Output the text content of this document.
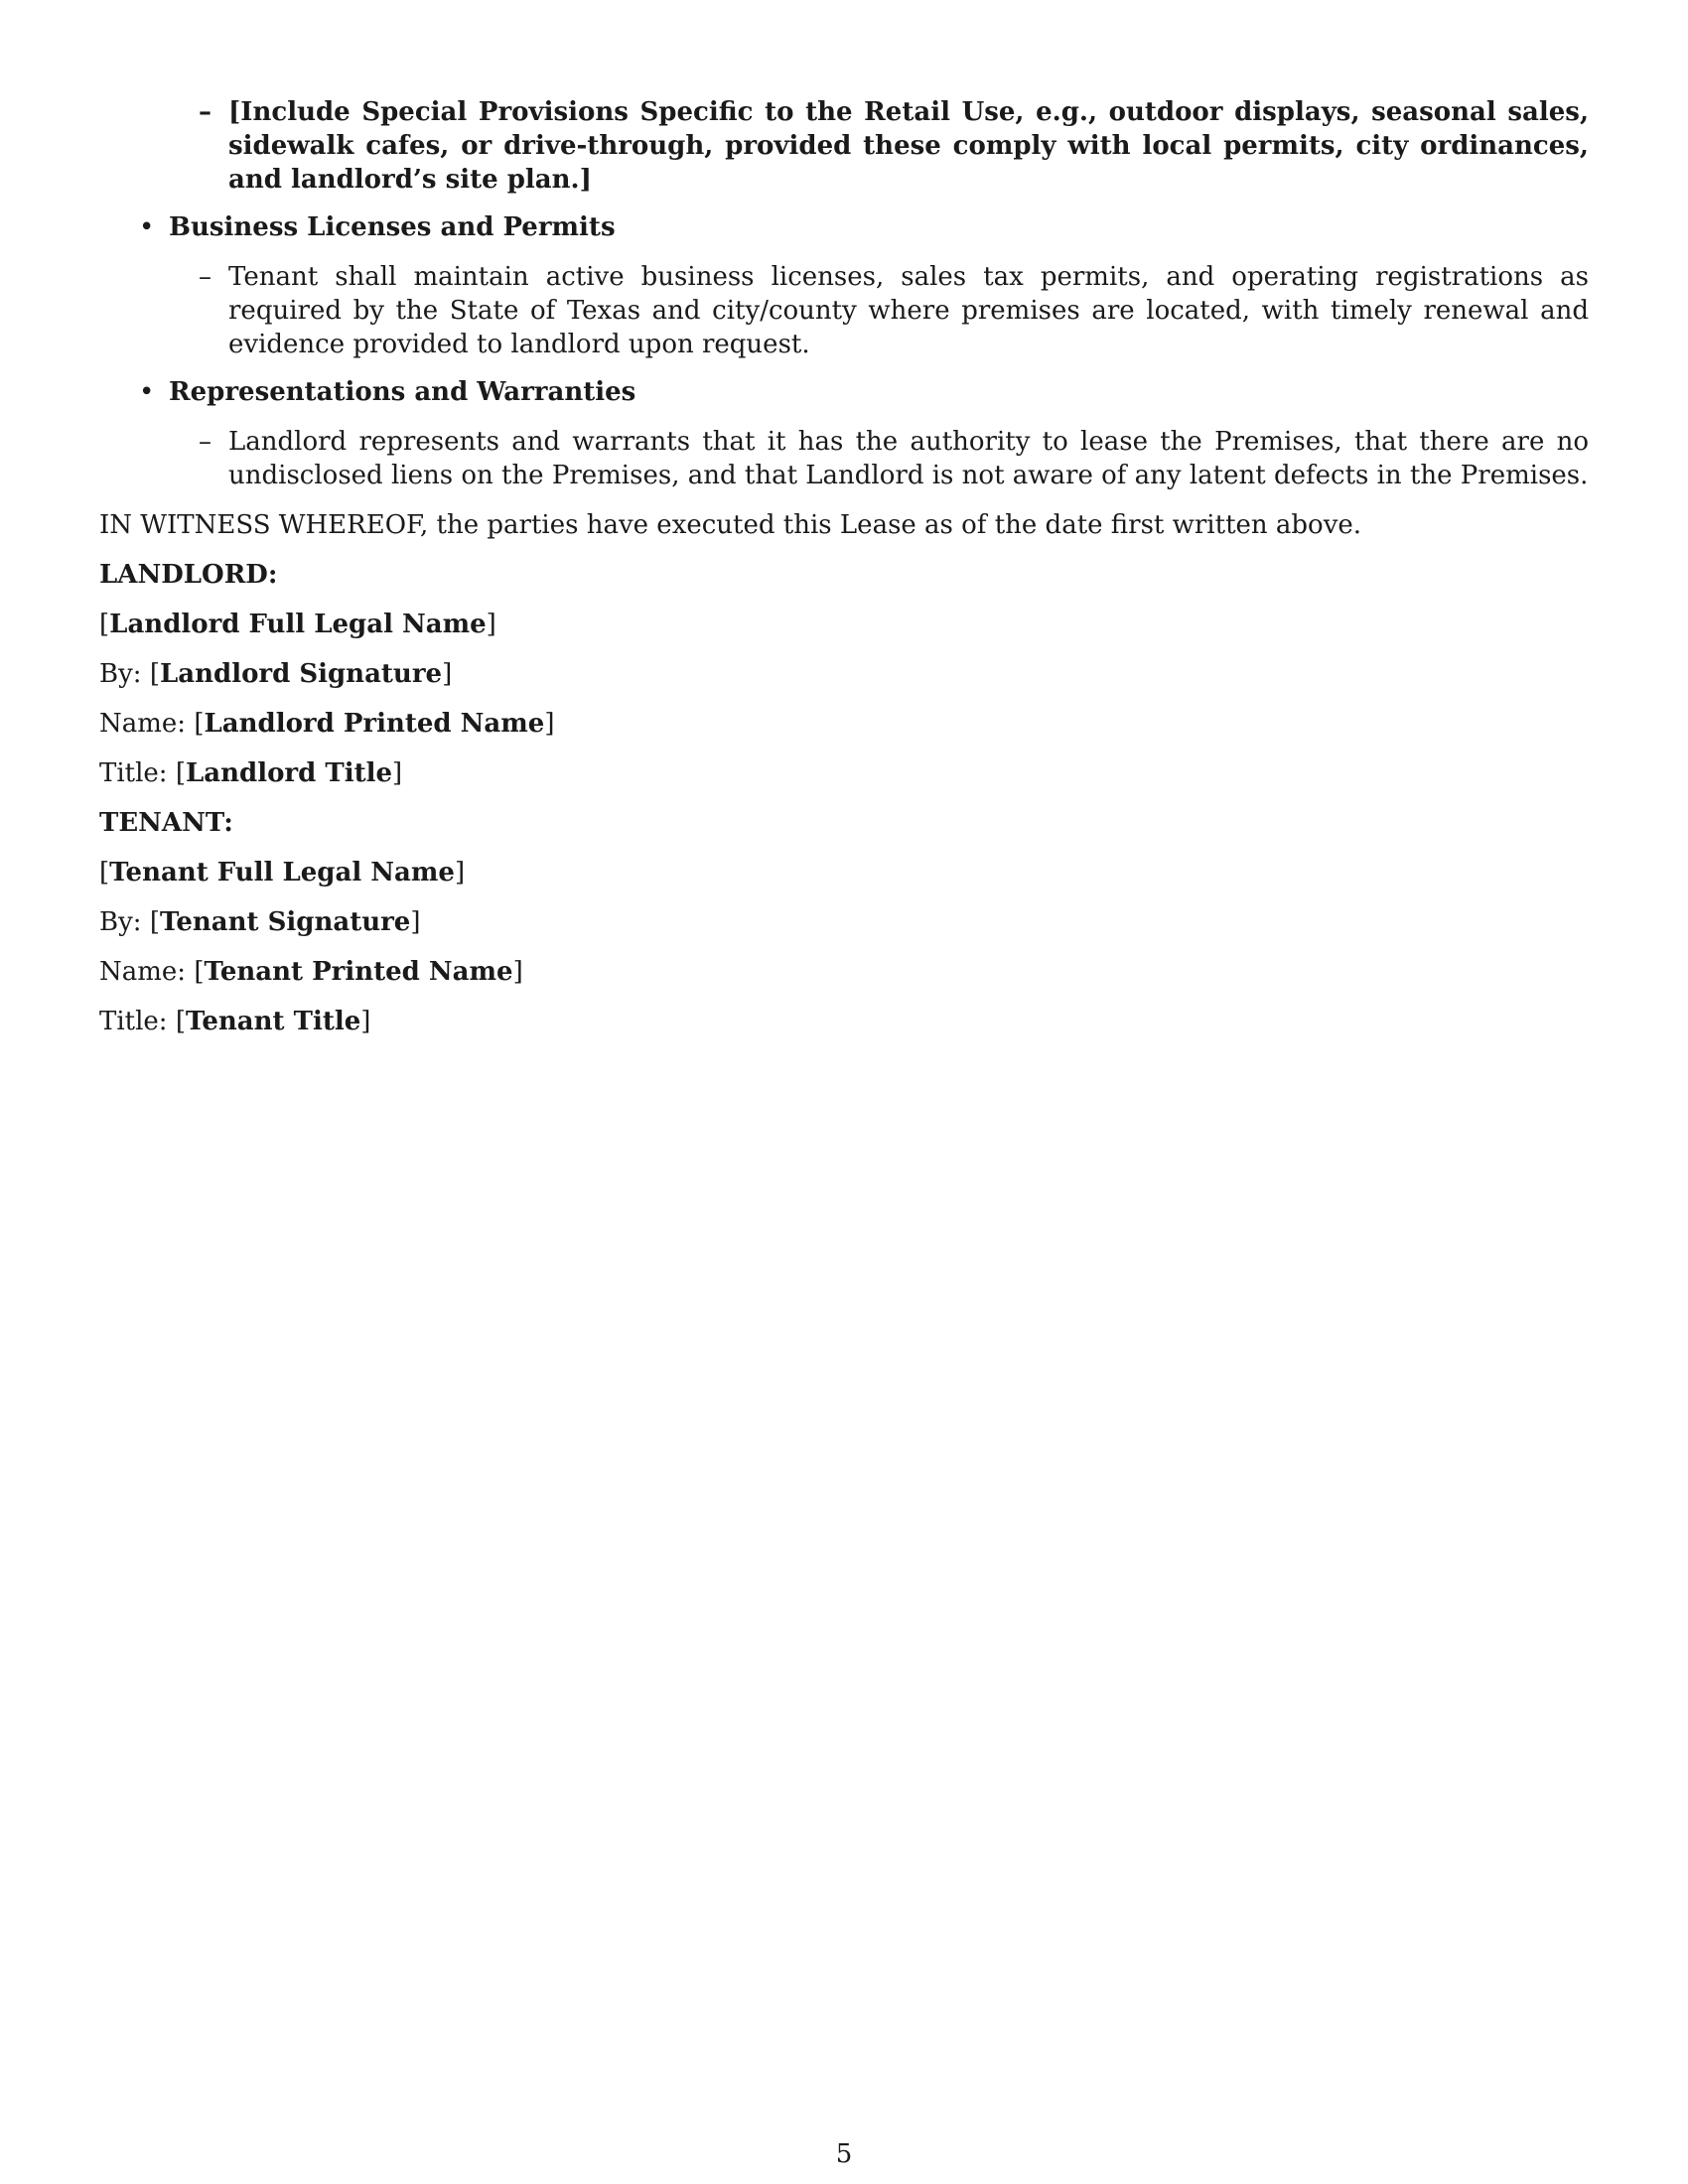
– [Include Special Provisions Specific to the Retail Use, e.g., outdoor displays, seasonal sales, sidewalk cafes, or drive-through, provided these comply with local permits, city ordinances, and landlord’s site plan.]
• Business Licenses and Permits
– Tenant shall maintain active business licenses, sales tax permits, and operating registrations as required by the State of Texas and city/county where premises are located, with timely renewal and evidence provided to landlord upon request.
• Representations and Warranties
– Landlord represents and warrants that it has the authority to lease the Premises, that there are no undisclosed liens on the Premises, and that Landlord is not aware of any latent defects in the Premises.
IN WITNESS WHEREOF, the parties have executed this Lease as of the date first written above.
LANDLORD:
[Landlord Full Legal Name]
By: [Landlord Signature]
Name: [Landlord Printed Name]
Title: [Landlord Title]
TENANT:
[Tenant Full Legal Name]
By: [Tenant Signature]
Name: [Tenant Printed Name]
Title: [Tenant Title]
5
